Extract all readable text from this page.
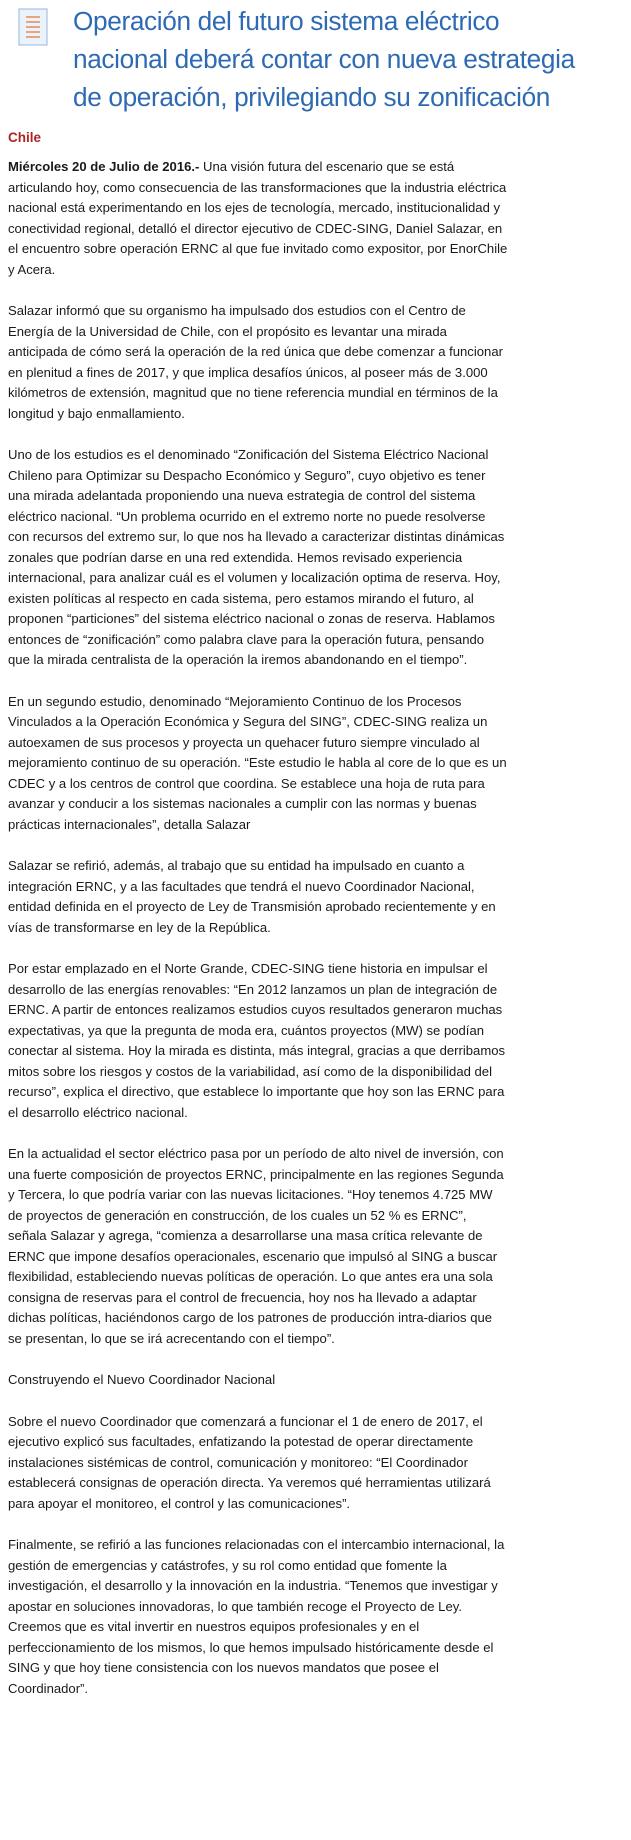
Operación del futuro sistema eléctrico
nacional deberá contar con nueva estrategia
de operación, privilegiando su zonificación
Chile

Miércoles 20 de Julio de 2016.- Una visión futura del escenario que se está articulando hoy, como consecuencia de las transformaciones que la industria eléctrica nacional está experimentando en los ejes de tecnología, mercado, institucionalidad y conectividad regional, detalló el director ejecutivo de CDEC-SING, Daniel Salazar, en el encuentro sobre operación ERNC al que fue invitado como expositor, por EnorChile y Acera.

Salazar informó que su organismo ha impulsado dos estudios con el Centro de Energía de la Universidad de Chile, con el propósito es levantar una mirada anticipada de cómo será la operación de la red única que debe comenzar a funcionar en plenitud a fines de 2017, y que implica desafíos únicos, al poseer más de 3.000 kilómetros de extensión, magnitud que no tiene referencia mundial en términos de la longitud y bajo enmallamiento.

Uno de los estudios es el denominado “Zonificación del Sistema Eléctrico Nacional Chileno para Optimizar su Despacho Económico y Seguro”, cuyo objetivo es tener una mirada adelantada proponiendo una nueva estrategia de control del sistema eléctrico nacional. “Un problema ocurrido en el extremo norte no puede resolverse con recursos del extremo sur, lo que nos ha llevado a caracterizar distintas dinámicas zonales que podrían darse en una red extendida. Hemos revisado experiencia internacional, para analizar cuál es el volumen y localización optima de reserva. Hoy, existen políticas al respecto en cada sistema, pero estamos mirando el futuro, al proponen “particiones” del sistema eléctrico nacional o zonas de reserva. Hablamos entonces de “zonificación” como palabra clave para la operación futura, pensando que la mirada centralista de la operación la iremos abandonando en el tiempo”.

En un segundo estudio, denominado “Mejoramiento Continuo de los Procesos Vinculados a la Operación Económica y Segura del SING”, CDEC-SING realiza un autoexamen de sus procesos y proyecta un quehacer futuro siempre vinculado al mejoramiento continuo de su operación. “Este estudio le habla al core de lo que es un CDEC y a los centros de control que coordina. Se establece una hoja de ruta para avanzar y conducir a los sistemas nacionales a cumplir con las normas y buenas prácticas internacionales”, detalla Salazar

Salazar se refirió, además, al trabajo que su entidad ha impulsado en cuanto a integración ERNC, y a las facultades que tendrá el nuevo Coordinador Nacional, entidad definida en el proyecto de Ley de Transmisión aprobado recientemente y en vías de transformarse en ley de la República.

Por estar emplazado en el Norte Grande, CDEC-SING tiene historia en impulsar el desarrollo de las energías renovables: “En 2012 lanzamos un plan de integración de ERNC. A partir de entonces realizamos estudios cuyos resultados generaron muchas expectativas, ya que la pregunta de moda era, cuántos proyectos (MW) se podían conectar al sistema. Hoy la mirada es distinta, más integral, gracias a que derribamos mitos sobre los riesgos y costos de la variabilidad, así como de la disponibilidad del recurso”, explica el directivo, que establece lo importante que hoy son las ERNC para el desarrollo eléctrico nacional.

En la actualidad el sector eléctrico pasa por un período de alto nivel de inversión, con una fuerte composición de proyectos ERNC, principalmente en las regiones Segunda y Tercera, lo que podría variar con las nuevas licitaciones. “Hoy tenemos 4.725 MW de proyectos de generación en construcción, de los cuales un 52 % es ERNC”, señala Salazar y agrega, “comienza a desarrollarse una masa crítica relevante de ERNC que impone desafíos operacionales, escenario que impulsó al SING a buscar flexibilidad, estableciendo nuevas políticas de operación. Lo que antes era una sola consigna de reservas para el control de frecuencia, hoy nos ha llevado a adaptar dichas políticas, haciéndonos cargo de los patrones de producción intra-diarios que se presentan, lo que se irá acrecentando con el tiempo”.

Construyendo el Nuevo Coordinador Nacional

Sobre el nuevo Coordinador que comenzará a funcionar el 1 de enero de 2017, el ejecutivo explicó sus facultades, enfatizando la potestad de operar directamente instalaciones sistémicas de control, comunicación y monitoreo: “El Coordinador establecerá consignas de operación directa. Ya veremos qué herramientas utilizará para apoyar el monitoreo, el control y las comunicaciones”.

Finalmente, se refirió a las funciones relacionadas con el intercambio internacional, la gestión de emergencias y catástrofes, y su rol como entidad que fomente la investigación, el desarrollo y la innovación en la industria. “Tenemos que investigar y apostar en soluciones innovadoras, lo que también recoge el Proyecto de Ley. Creemos que es vital invertir en nuestros equipos profesionales y en el perfeccionamiento de los mismos, lo que hemos impulsado históricamente desde el SING y que hoy tiene consistencia con los nuevos mandatos que posee el Coordinador”.
